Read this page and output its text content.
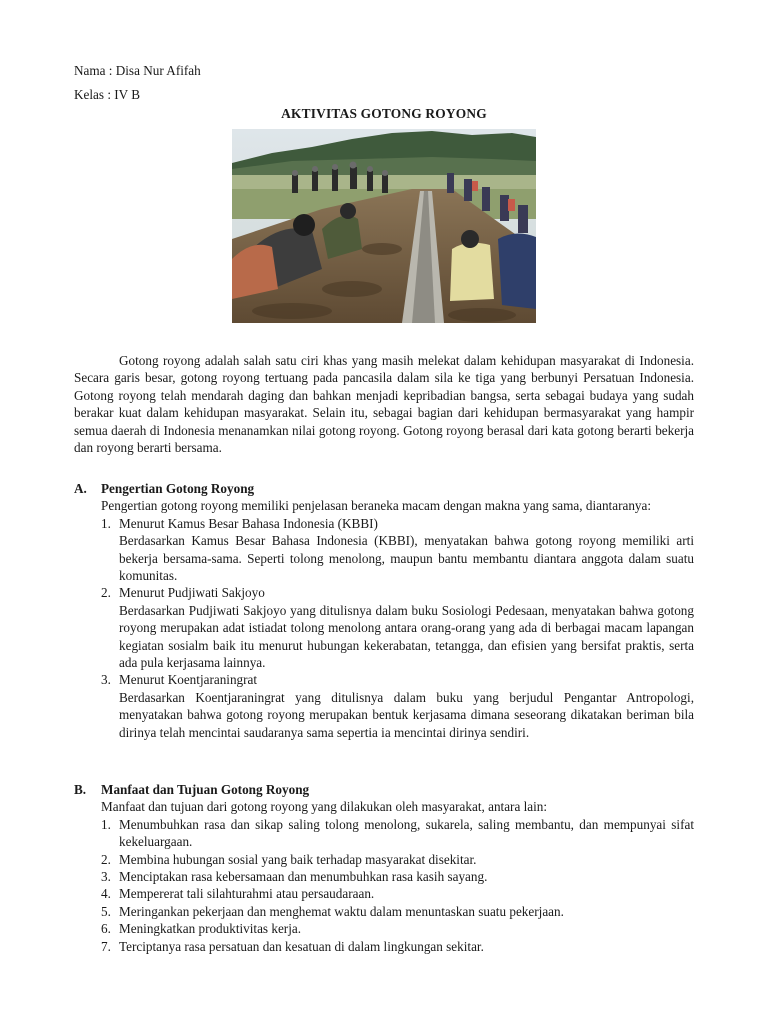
Nama : Disa Nur Afifah
Kelas : IV B
AKTIVITAS GOTONG ROYONG

Gotong royong adalah salah satu ciri khas yang masih melekat dalam kehidupan masyarakat di Indonesia. Secara garis besar, gotong royong tertuang pada pancasila dalam sila ke tiga yang berbunyi Persatuan Indonesia. Gotong royong telah mendarah daging dan bahkan menjadi kepribadian bangsa, serta sebagai budaya yang sudah berakar kuat dalam kehidupan masyarakat. Selain itu, sebagai bagian dari kehidupan bermasyarakat yang hampir semua daerah di Indonesia menanamkan nilai gotong royong. Gotong royong berasal dari kata gotong berarti bekerja dan royong berarti bersama.

A.	Pengertian Gotong Royong
Pengertian gotong royong memiliki penjelasan beraneka macam dengan makna yang sama, diantaranya:
1. Menurut Kamus Besar Bahasa Indonesia (KBBI)
Berdasarkan Kamus Besar Bahasa Indonesia (KBBI), menyatakan bahwa gotong royong memiliki arti bekerja bersama-sama. Seperti tolong menolong, maupun bantu membantu diantara anggota dalam suatu komunitas.
2. Menurut Pudjiwati Sakjoyo
Berdasarkan Pudjiwati Sakjoyo yang ditulisnya dalam buku Sosiologi Pedesaan, menyatakan bahwa gotong royong merupakan adat istiadat tolong menolong antara orang-orang yang ada di berbagai macam lapangan kegiatan sosialm baik itu menurut hubungan kekerabatan, tetangga, dan efisien yang bersifat praktis, serta ada pula kerjasama lainnya.
3. Menurut Koentjaraningrat
Berdasarkan Koentjaraningrat yang ditulisnya dalam buku yang berjudul Pengantar Antropologi, menyatakan bahwa gotong royong merupakan bentuk kerjasama dimana seseorang dikatakan beriman bila dirinya telah mencintai saudaranya sama sepertia ia mencintai dirinya sendiri.
B.	Manfaat dan Tujuan Gotong Royong
Manfaat dan tujuan dari gotong royong yang dilakukan oleh masyarakat, antara lain:
1. Menumbuhkan rasa dan sikap saling tolong menolong, sukarela, saling membantu, dan mempunyai sifat kekeluargaan.
2. Membina hubungan sosial yang baik terhadap masyarakat disekitar.
3. Menciptakan rasa kebersamaan dan menumbuhkan rasa kasih sayang.
4. Mempererat tali silahturahmi atau persaudaraan.
5. Meringankan pekerjaan dan menghemat waktu dalam menuntaskan suatu pekerjaan.
6. Meningkatkan produktivitas kerja.
7. Terciptanya rasa persatuan dan kesatuan di dalam lingkungan sekitar.
